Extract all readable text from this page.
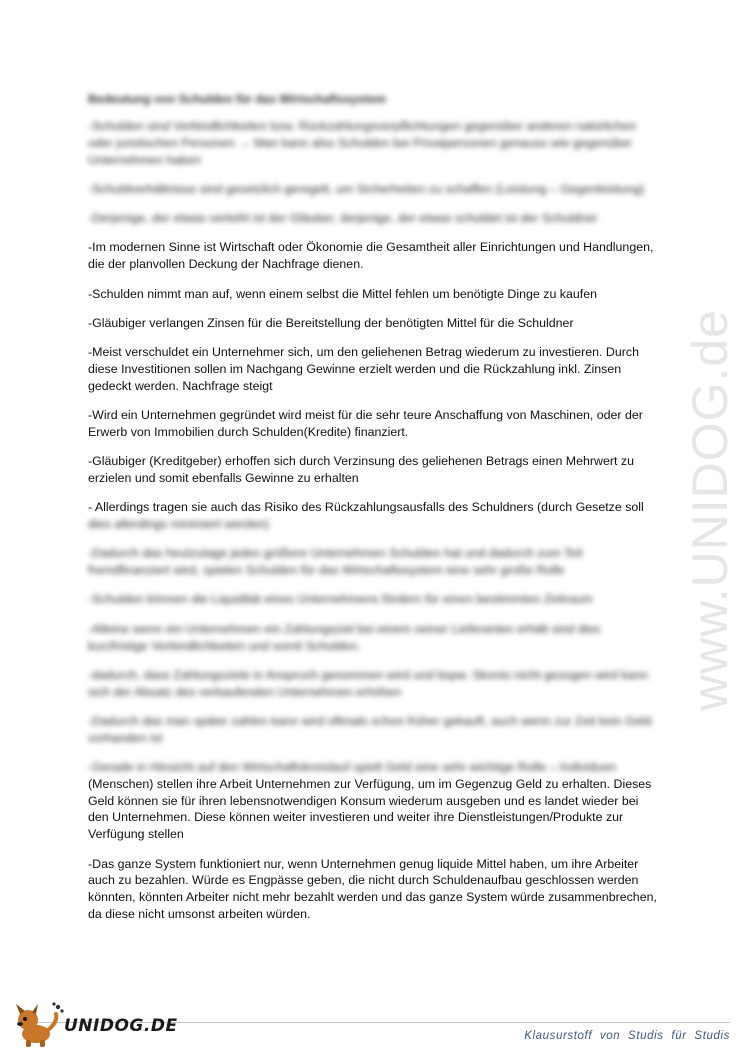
Bedeutung von Schulden für das Wirtschaftssystem

-Schulden sind Verbindlichkeiten bzw. Rückzahlungsverpflichtungen gegenüber anderen natürlichen oder juristischen Personen → Man kann also Schulden bei Privatpersonen genauso wie gegenüber Unternehmen haben

-Schuldverhältnisse sind gesetzlich geregelt, um Sicherheiten zu schaffen (Leistung – Gegenleistung)

-Derjenige, der etwas verleiht ist der Gläuber, derjenige, der etwas schuldet ist der Schuldner

-Im modernen Sinne ist Wirtschaft oder Ökonomie die Gesamtheit aller Einrichtungen und Handlungen, die der planvollen Deckung der Nachfrage dienen.

-Schulden nimmt man auf, wenn einem selbst die Mittel fehlen um benötigte Dinge zu kaufen

-Gläubiger verlangen Zinsen für die Bereitstellung der benötigten Mittel für die Schuldner

-Meist verschuldet ein Unternehmer sich, um den geliehenen Betrag wiederum zu investieren. Durch diese Investitionen sollen im Nachgang Gewinne erzielt werden und die Rückzahlung inkl. Zinsen gedeckt werden. Nachfrage steigt

-Wird ein Unternehmen gegründet wird meist für die sehr teure Anschaffung von Maschinen, oder der Erwerb von Immobilien durch Schulden(Kredite) finanziert.

-Gläubiger (Kreditgeber) erhoffen sich durch Verzinsung des geliehenen Betrags einen Mehrwert zu erzielen und somit ebenfalls Gewinne zu erhalten

- Allerdings tragen sie auch das Risiko des Rückzahlungsausfalls des Schuldners (durch Gesetze soll
dies allerdings minimiert werden)

-Dadurch das heutzutage jedes größere Unternehmen Schulden hat und dadurch zum Teil fremdfinanziert wird, spielen Schulden für das Wirtschaftssystem eine sehr große Rolle

-Schulden können die Liquidität eines Unternehmens fördern für einen bestimmten Zeitraum

-Alleine wenn ein Unternehmen ein Zahlungsziel bei einem seiner Lieferanten erhält sind dies kurzfristige Verbindlichkeiten und somit Schulden.

-dadurch, dass Zahlungsziele in Anspruch genommen wird und bspw. Skonto nicht gezogen wird kann sich der Absatz des verkaufenden Unternehmen erhöhen

-Dadurch das man später zahlen kann wird oftmals schon früher gekauft, auch wenn zur Zeit kein Geld vorhanden ist

-Gerade in Hinsicht auf den Wirtschaftskreislauf spielt Geld eine sehr wichtige Rolle – Individuen
(Menschen) stellen ihre Arbeit Unternehmen zur Verfügung, um im Gegenzug Geld zu erhalten. Dieses Geld können sie für ihren lebensnotwendigen Konsum wiederum ausgeben und es landet wieder bei den Unternehmen. Diese können weiter investieren und weiter ihre Dienstleistungen/Produkte zur Verfügung stellen

-Das ganze System funktioniert nur, wenn Unternehmen genug liquide Mittel haben, um ihre Arbeiter auch zu bezahlen. Würde es Engpässe geben, die nicht durch Schuldenaufbau geschlossen werden könnten, könnten Arbeiter nicht mehr bezahlt werden und das ganze System würde zusammenbrechen, da diese nicht umsonst arbeiten würden.

www.UNIDOG.de
UNIDOG.DE	Klausurstoff von Studis für Studis
